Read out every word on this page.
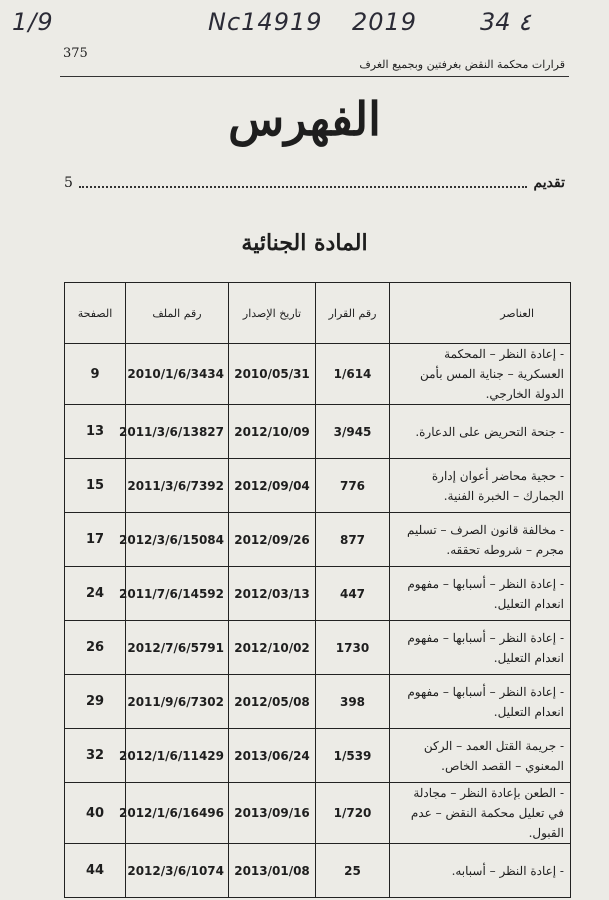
1/9	Nc14919 2019	34 ٤
375
قرارات محكمة النقض بغرفتين وبجميع الغرف
الفهرس
تقديم
5
المادة الجنائية
العناصر	رقم القرار	تاريخ الإصدار	رقم الملف	الصفحة
- إعادة النظر – المحكمة العسكرية – جناية المس بأمن الدولة الخارجي.	1/614	2010/05/31	2010/1/6/3434	9
- جنحة التحريض على الدعارة.	3/945	2012/10/09	2011/3/6/13827	13
- حجية محاضر أعوان إدارة الجمارك – الخبرة الفنية.	776	2012/09/04	2011/3/6/7392	15
- مخالفة قانون الصرف – تسليم مجرم – شروطه تحققه.	877	2012/09/26	2012/3/6/15084	17
- إعادة النظر – أسبابها – مفهوم انعدام التعليل.	447	2012/03/13	2011/7/6/14592	24
- إعادة النظر – أسبابها – مفهوم انعدام التعليل.	1730	2012/10/02	2012/7/6/5791	26
- إعادة النظر – أسبابها – مفهوم انعدام التعليل.	398	2012/05/08	2011/9/6/7302	29
- جريمة القتل العمد – الركن المعنوي – القصد الخاص.	1/539	2013/06/24	2012/1/6/11429	32
- الطعن بإعادة النظر – مجادلة في تعليل محكمة النقض – عدم القبول.	1/720	2013/09/16	2012/1/6/16496	40
- إعادة النظر – أسبابه.	25	2013/01/08	2012/3/6/1074	44
